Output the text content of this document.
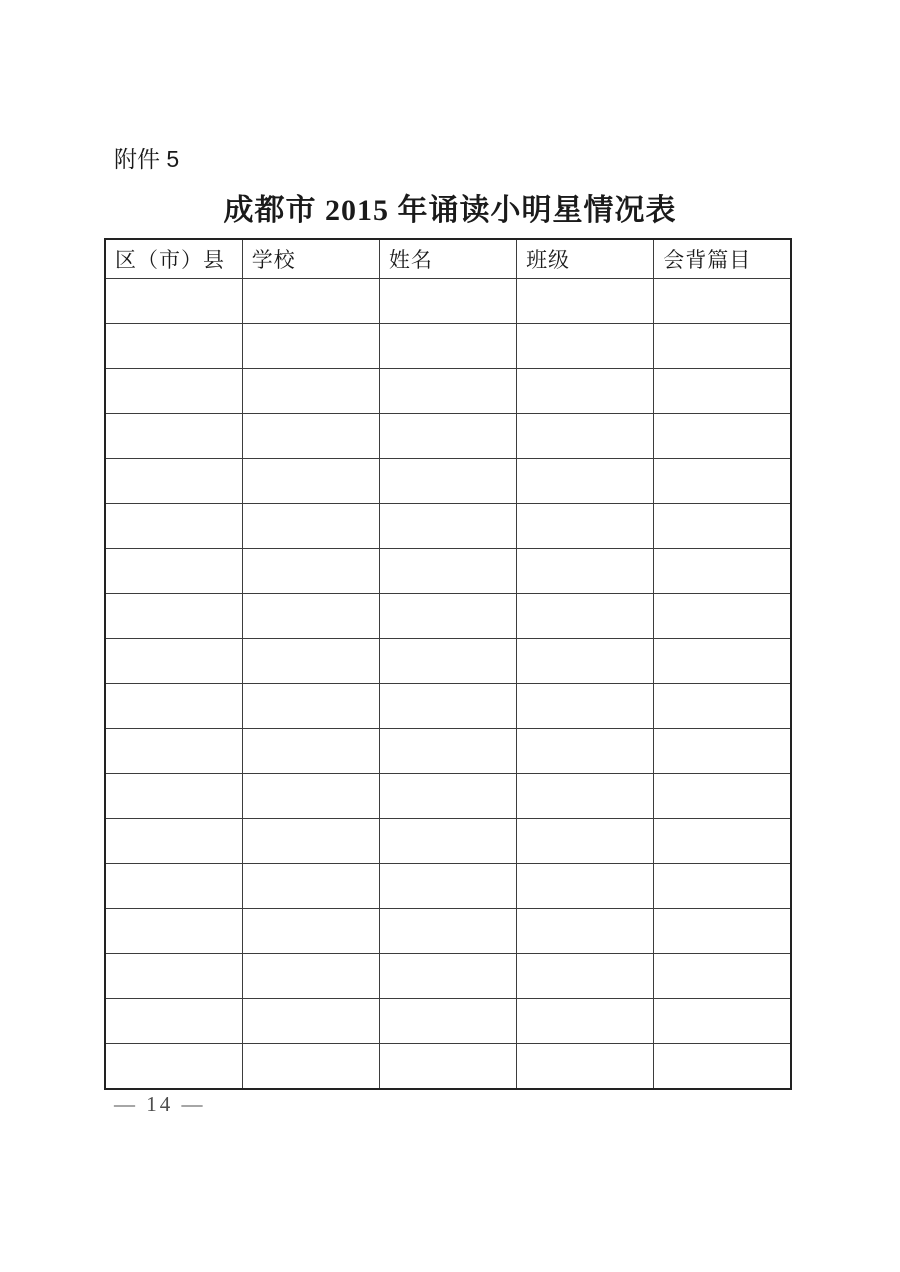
附件 5
成都市 2015 年诵读小明星情况表
区（市）县	学校	姓名	班级	会背篇目

— 14 —
